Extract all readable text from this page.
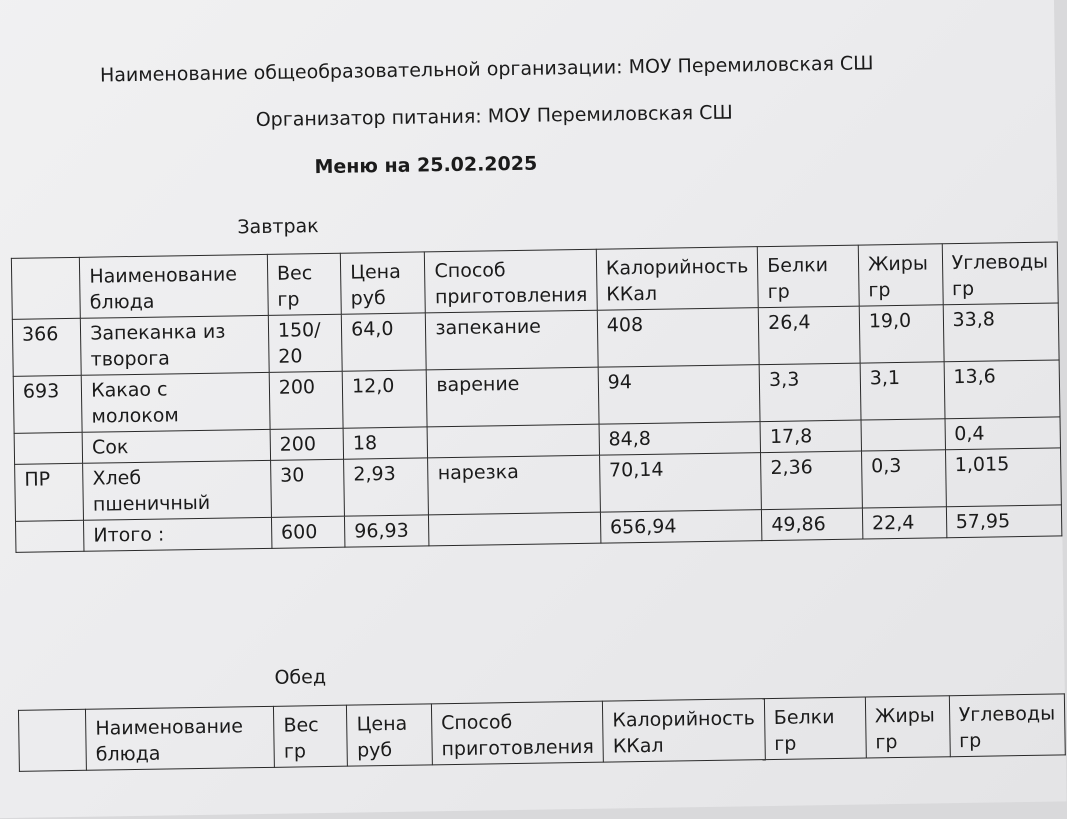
Наименование общеобразовательной организации: МОУ Перемиловская СШ
Организатор питания: МОУ Перемиловская СШ
Меню на 25.02.2025
Завтрак
	Наименование блюда	Вес гр	Цена руб	Способ приготовления	Калорийность ККал	Белки гр	Жиры гр	Углеводы гр
366	Запеканка из творога	150/ 20	64,0	запекание	408	26,4	19,0	33,8
693	Какао с молоком	200	12,0	варение	94	3,3	3,1	13,6
	Сок	200	18		84,8	17,8		0,4
ПР	Хлеб пшеничный	30	2,93	нарезка	70,14	2,36	0,3	1,015
	Итого :	600	96,93		656,94	49,86	22,4	57,95
Обед
	Наименование блюда	Вес гр	Цена руб	Способ приготовления	Калорийность ККал	Белки гр	Жиры гр	Углеводы гр
